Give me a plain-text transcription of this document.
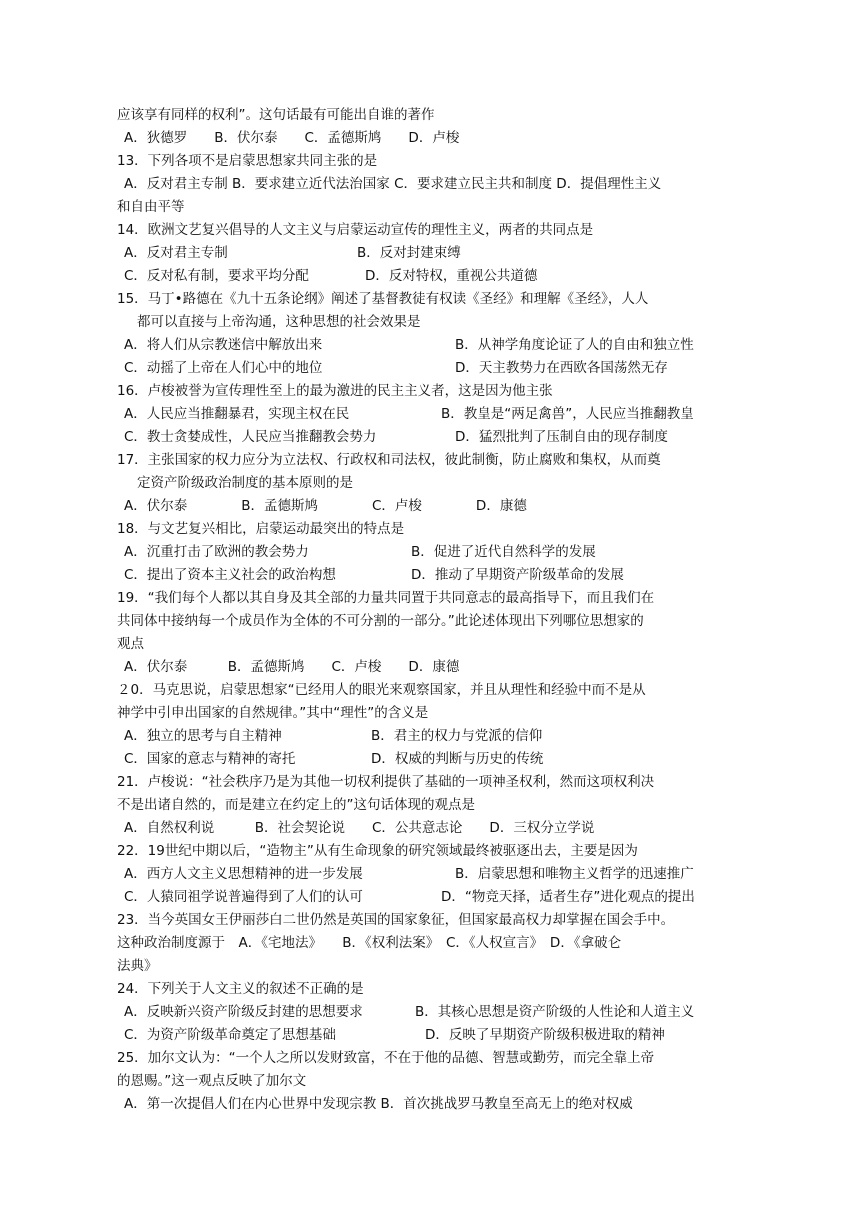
应该享有同样的权利”。这句话最有可能出自谁的著作
A．狄德罗　　B．伏尔泰　　C．孟德斯鸠　　D．卢梭
13．下列各项不是启蒙思想家共同主张的是
A．反对君主专制 B．要求建立近代法治国家 C．要求建立民主共和制度 D．提倡理性主义
和自由平等
14．欧洲文艺复兴倡导的人文主义与启蒙运动宣传的理性主义，两者的共同点是
A．反对君主专制	B．反对封建束缚
C．反对私有制，要求平均分配	D．反对特权，重视公共道德
15．马丁•路德在《九十五条论纲》阐述了基督教徒有权读《圣经》和理解《圣经》，人人
都可以直接与上帝沟通，这种思想的社会效果是
A．将人们从宗教迷信中解放出来	B．从神学角度论证了人的自由和独立性
C．动摇了上帝在人们心中的地位	D．天主教势力在西欧各国荡然无存
16．卢梭被誉为宣传理性至上的最为激进的民主主义者，这是因为他主张
A．人民应当推翻暴君，实现主权在民	B．教皇是“两足禽兽”，人民应当推翻教皇
C．教士贪婪成性，人民应当推翻教会势力	D．猛烈批判了压制自由的现存制度
17．主张国家的权力应分为立法权、行政权和司法权，彼此制衡，防止腐败和集权，从而奠
定资产阶级政治制度的基本原则的是
A．伏尔泰　　　　B．孟德斯鸠　　　　C．卢梭　　　　D．康德
18．与文艺复兴相比，启蒙运动最突出的特点是
A．沉重打击了欧洲的教会势力	B．促进了近代自然科学的发展
C．提出了资本主义社会的政治构想	D．推动了早期资产阶级革命的发展
19．“我们每个人都以其自身及其全部的力量共同置于共同意志的最高指导下，而且我们在
共同体中接纳每一个成员作为全体的不可分割的一部分。”此论述体现出下列哪位思想家的
观点
A．伏尔泰　　　B．孟德斯鸠　　C．卢梭　　D．康德
２0．马克思说，启蒙思想家“已经用人的眼光来观察国家，并且从理性和经验中而不是从
神学中引申出国家的自然规律。”其中“理性”的含义是
A．独立的思考与自主精神	B．君主的权力与党派的信仰
C．国家的意志与精神的寄托	D．权威的判断与历史的传统
21．卢梭说：“社会秩序乃是为其他一切权利提供了基础的一项神圣权利，然而这项权利决
不是出诸自然的，而是建立在约定上的”这句话体现的观点是
A．自然权利说　　　B．社会契论说　　C．公共意志论　　D．三权分立学说
22．19世纪中期以后，“造物主”从有生命现象的研究领域最终被驱逐出去，主要是因为
A．西方人文主义思想精神的进一步发展	B．启蒙思想和唯物主义哲学的迅速推广
C．人猿同祖学说普遍得到了人们的认可	D．“物竞天择，适者生存”进化观点的提出
23．当今英国女王伊丽莎白二世仍然是英国的国家象征，但国家最高权力却掌握在国会手中。
这种政治制度源于　A．《宅地法》　　B．《权利法案》　C．《人权宣言》　D．《拿破仑
法典》
24．下列关于人文主义的叙述不正确的是
A．反映新兴资产阶级反封建的思想要求	B．其核心思想是资产阶级的人性论和人道主义
C．为资产阶级革命奠定了思想基础	D．反映了早期资产阶级积极进取的精神
25．加尔文认为：“一个人之所以发财致富，不在于他的品德、智慧或勤劳，而完全靠上帝
的恩赐。”这一观点反映了加尔文
A．第一次提倡人们在内心世界中发现宗教 B．首次挑战罗马教皇至高无上的绝对权威
